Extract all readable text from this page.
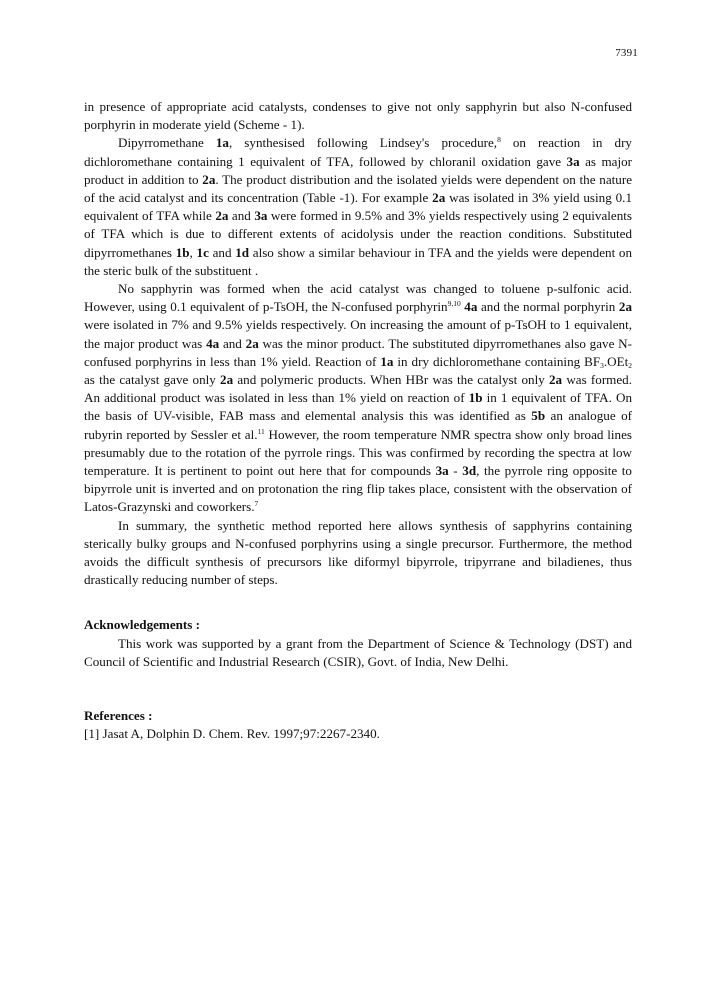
7391

in presence of appropriate acid catalysts, condenses to give not only sapphyrin but also N-confused porphyrin in moderate yield (Scheme - 1).

Dipyrromethane 1a, synthesised following Lindsey's procedure,$^8$ on reaction in dry dichloromethane containing 1 equivalent of TFA, followed by chloranil oxidation gave 3a as major product in addition to 2a. The product distribution and the isolated yields were dependent on the nature of the acid catalyst and its concentration (Table -1). For example 2a was isolated in 3% yield using 0.1 equivalent of TFA while 2a and 3a were formed in 9.5% and 3% yields respectively using 2 equivalents of TFA which is due to different extents of acidolysis under the reaction conditions. Substituted dipyrromethanes 1b, 1c and 1d also show a similar behaviour in TFA and the yields were dependent on the steric bulk of the substituent .

No sapphyrin was formed when the acid catalyst was changed to toluene p-sulfonic acid. However, using 0.1 equivalent of p-TsOH, the N-confused porphyrin$^{9,10}$ 4a and the normal porphyrin 2a were isolated in 7% and 9.5% yields respectively. On increasing the amount of p-TsOH to 1 equivalent, the major product was 4a and 2a was the minor product. The substituted dipyrromethanes also gave N-confused porphyrins in less than 1% yield. Reaction of 1a in dry dichloromethane containing $BF_3.OEt_2$ as the catalyst gave only 2a and polymeric products. When HBr was the catalyst only 2a was formed. An additional product was isolated in less than 1% yield on reaction of 1b in 1 equivalent of TFA. On the basis of UV-visible, FAB mass and elemental analysis this was identified as 5b an analogue of rubyrin reported by Sessler et al.$^{11}$ However, the room temperature NMR spectra show only broad lines presumably due to the rotation of the pyrrole rings. This was confirmed by recording the spectra at low temperature. It is pertinent to point out here that for compounds 3a - 3d, the pyrrole ring opposite to bipyrrole unit is inverted and on protonation the ring flip takes place, consistent with the observation of Latos-Grazynski and coworkers.$^7$

In summary, the synthetic method reported here allows synthesis of sapphyrins containing sterically bulky groups and N-confused porphyrins using a single precursor. Furthermore, the method avoids the difficult synthesis of precursors like diformyl bipyrrole, tripyrrane and biladienes, thus drastically reducing number of steps.

Acknowledgements :

This work was supported by a grant from the Department of Science & Technology (DST) and Council of Scientific and Industrial Research (CSIR), Govt. of India, New Delhi.

References :

[1] Jasat A, Dolphin D. Chem. Rev. 1997;97:2267-2340.
